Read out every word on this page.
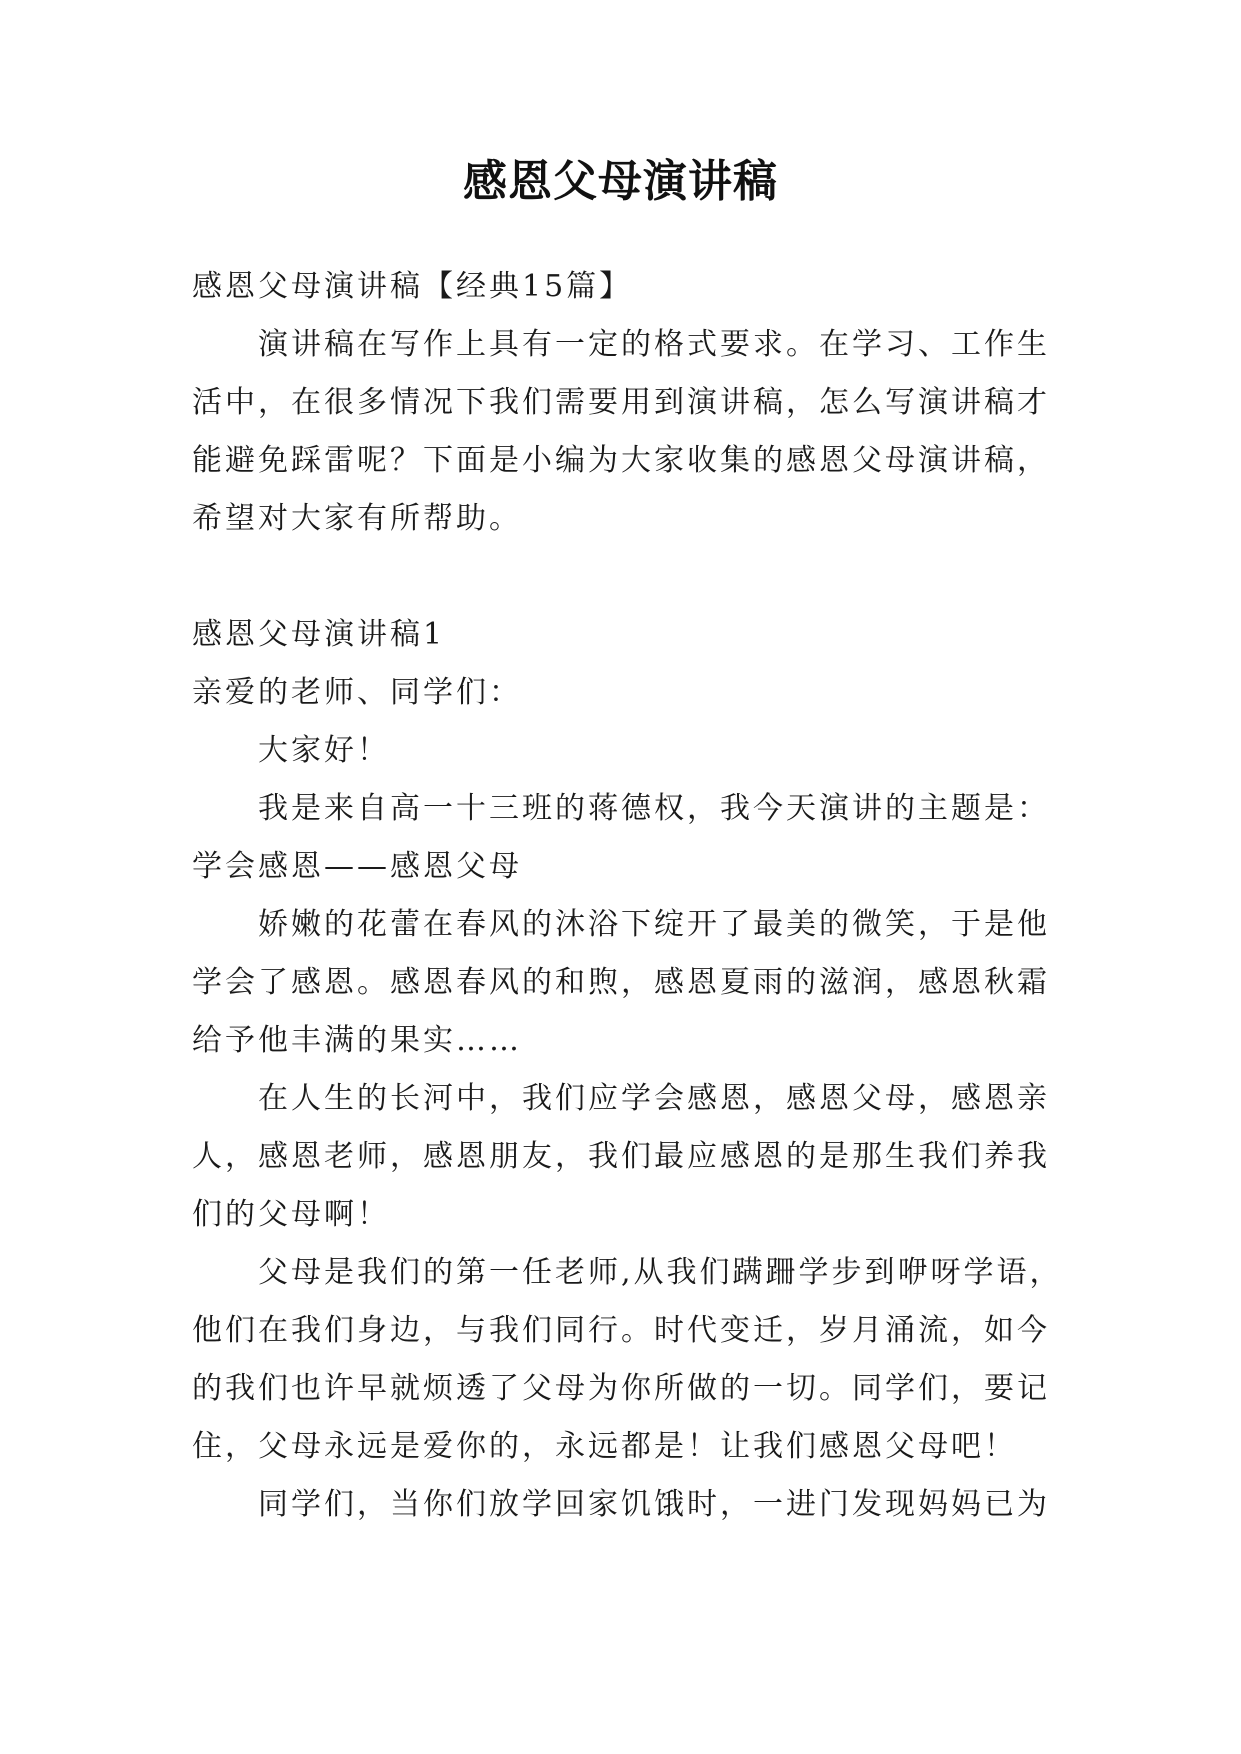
感恩父母演讲稿

感恩父母演讲稿【经典15篇】

演讲稿在写作上具有一定的格式要求。在学习、工作生

活中，在很多情况下我们需要用到演讲稿，怎么写演讲稿才

能避免踩雷呢？下面是小编为大家收集的感恩父母演讲稿，

希望对大家有所帮助。

感恩父母演讲稿1

亲爱的老师、同学们：

大家好！

我是来自高一十三班的蒋德权，我今天演讲的主题是：

学会感恩——感恩父母

娇嫩的花蕾在春风的沐浴下绽开了最美的微笑，于是他

学会了感恩。感恩春风的和煦，感恩夏雨的滋润，感恩秋霜

给予他丰满的果实……

在人生的长河中，我们应学会感恩，感恩父母，感恩亲

人，感恩老师，感恩朋友，我们最应感恩的是那生我们养我

们的父母啊！

父母是我们的第一任老师,从我们蹒跚学步到咿呀学语，

他们在我们身边，与我们同行。时代变迁，岁月涌流，如今

的我们也许早就烦透了父母为你所做的一切。同学们，要记

住，父母永远是爱你的，永远都是！让我们感恩父母吧！

同学们，当你们放学回家饥饿时，一进门发现妈妈已为
